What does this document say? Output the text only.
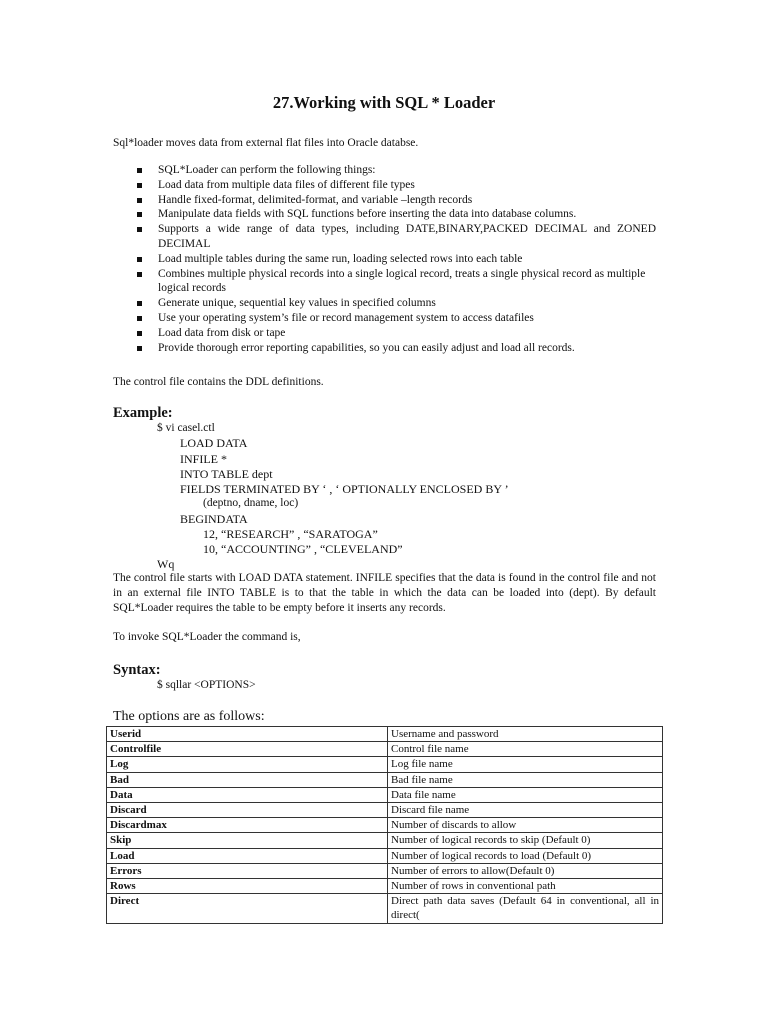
27.Working with SQL * Loader

Sql*loader moves data from external flat files into Oracle databse.

SQL*Loader can perform the following things:
Load data from multiple data files of different file types
Handle fixed-format, delimited-format, and variable –length records
Manipulate data fields with SQL functions before inserting the data into database columns.
Supports a wide range of data types, including DATE,BINARY,PACKED DECIMAL and ZONED DECIMAL
Load multiple tables during the same run, loading selected rows into each table
Combines multiple physical records into a single logical record, treats a single physical record as multiple logical records
Generate unique, sequential key values in specified columns
Use your operating system’s file or record management system to access datafiles
Load data from disk or tape
Provide thorough error reporting capabilities, so you can easily adjust and load all records.

The control file contains the DDL definitions.

Example:

$ vi casel.ctl

LOAD DATA

INFILE *

INTO TABLE dept

FIELDS TERMINATED BY ‘ , ‘ OPTIONALLY ENCLOSED BY ’

(deptno, dname, loc)

BEGINDATA

12, “RESEARCH” , “SARATOGA”

10, “ACCOUNTING” , “CLEVELAND”

Wq

The control file starts with LOAD DATA statement. INFILE specifies that the data is found in the control file and not in an external file INTO TABLE is to that the table in which the data can be loaded into (dept). By default SQL*Loader requires the table to be empty before it inserts any records.

To invoke SQL*Loader the command is,

Syntax:

$ sqllar <OPTIONS>

The options are as follows:

Userid	Username and password
Controlfile	Control file name
Log	Log file name
Bad	Bad file name
Data	Data file name
Discard	Discard file name
Discardmax	Number of discards to allow
Skip	Number of logical records to skip (Default 0)
Load	Number of logical records to load (Default 0)
Errors	Number of errors to allow(Default 0)
Rows	Number of rows in conventional path
Direct	Direct path data saves (Default 64 in conventional, all in direct(
